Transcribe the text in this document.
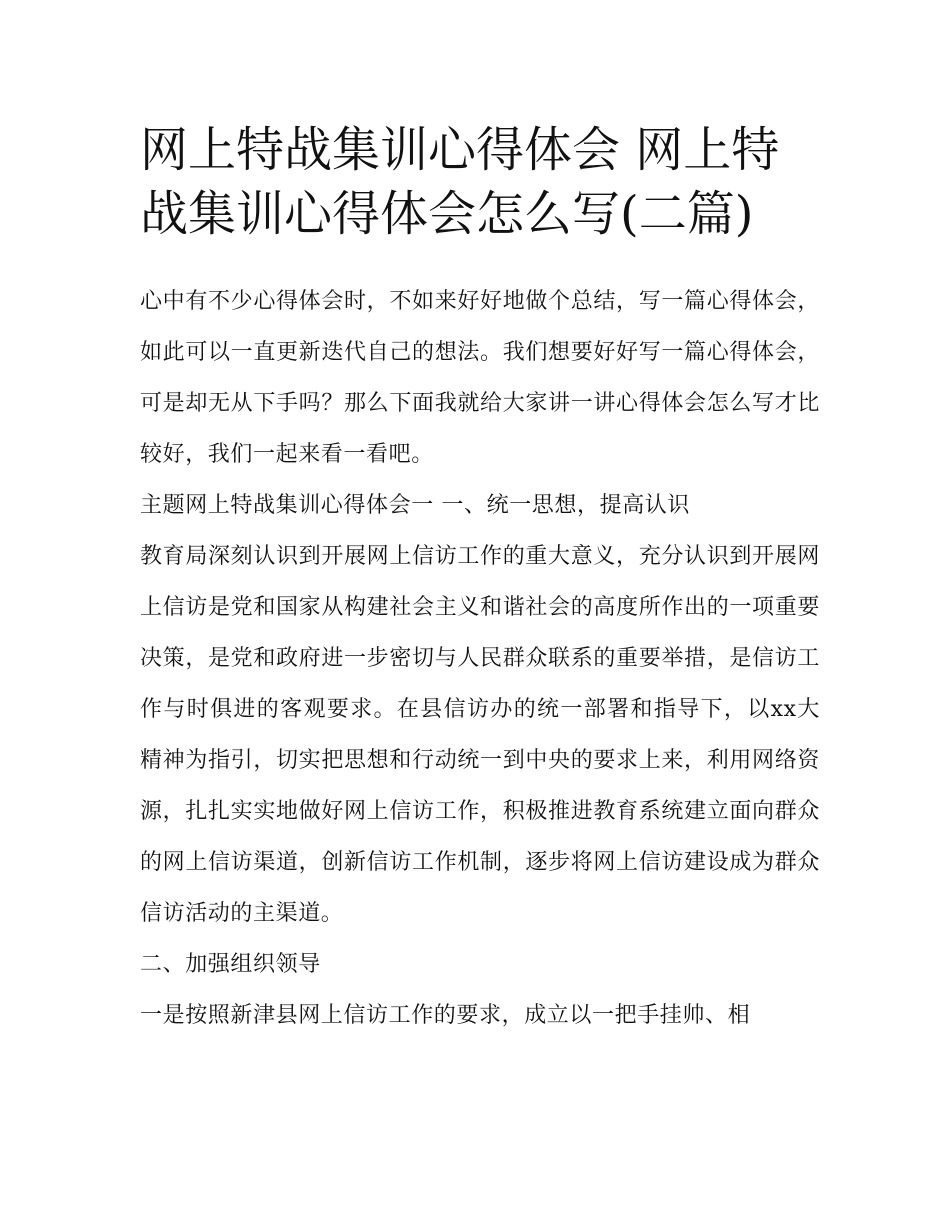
网上特战集训心得体会 网上特战集训心得体会怎么写(二篇)

心中有不少心得体会时，不如来好好地做个总结，写一篇心得体会，如此可以一直更新迭代自己的想法。我们想要好好写一篇心得体会，可是却无从下手吗？那么下面我就给大家讲一讲心得体会怎么写才比较好，我们一起来看一看吧。

主题网上特战集训心得体会一 一、统一思想，提高认识

教育局深刻认识到开展网上信访工作的重大意义，充分认识到开展网上信访是党和国家从构建社会主义和谐社会的高度所作出的一项重要决策，是党和政府进一步密切与人民群众联系的重要举措，是信访工作与时俱进的客观要求。在县信访办的统一部署和指导下，以xx大精神为指引，切实把思想和行动统一到中央的要求上来，利用网络资源，扎扎实实地做好网上信访工作，积极推进教育系统建立面向群众的网上信访渠道，创新信访工作机制，逐步将网上信访建设成为群众信访活动的主渠道。

二、加强组织领导

一是按照新津县网上信访工作的要求，成立以一把手挂帅、相
